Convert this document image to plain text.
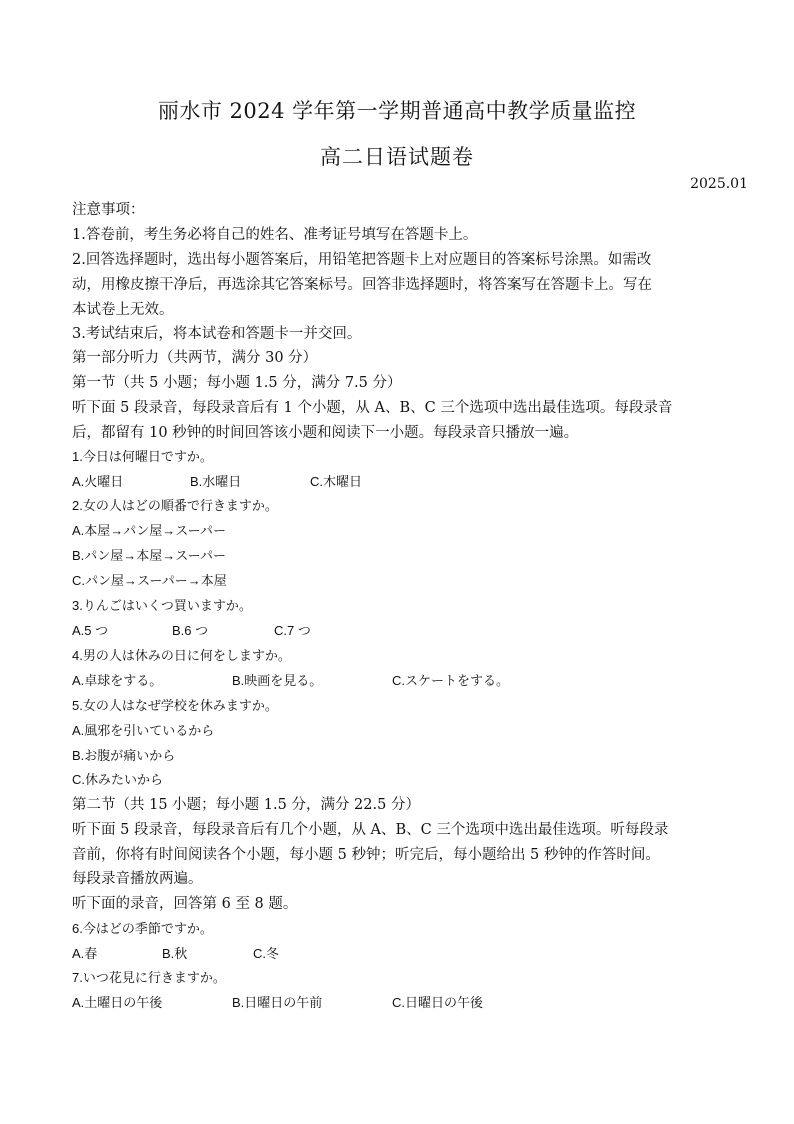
丽水市 2024 学年第一学期普通高中教学质量监控
高二日语试题卷
2025.01
注意事项：
1.答卷前，考生务必将自己的姓名、准考证号填写在答题卡上。
2.回答选择题时，选出每小题答案后，用铅笔把答题卡上对应题目的答案标号涂黑。如需改
动，用橡皮擦干净后，再选涂其它答案标号。回答非选择题时，将答案写在答题卡上。写在
本试卷上无效。
3.考试结束后，将本试卷和答题卡一并交回。
第一部分听力（共两节，满分 30 分）
第一节（共 5 小题；每小题 1.5 分，满分 7.5 分）
听下面 5 段录音，每段录音后有 1 个小题，从 A、B、C 三个选项中选出最佳选项。每段录音
后，都留有 10 秒钟的时间回答该小题和阅读下一小题。每段录音只播放一遍。
1.今日は何曜日ですか。
A.火曜日	B.水曜日	C.木曜日
2.女の人はどの順番で行きますか。
A.本屋→パン屋→スーパー
B.パン屋→本屋→スーパー
C.パン屋→スーパー→本屋
3.りんごはいくつ買いますか。
A.5 つ	B.6 つ	C.7 つ
4.男の人は休みの日に何をしますか。
A.卓球をする。	B.映画を見る。	C.スケートをする。
5.女の人はなぜ学校を休みますか。
A.風邪を引いているから
B.お腹が痛いから
C.休みたいから
第二节（共 15 小题；每小题 1.5 分，满分 22.5 分）
听下面 5 段录音，每段录音后有几个小题，从 A、B、C 三个选项中选出最佳选项。听每段录
音前，你将有时间阅读各个小题，每小题 5 秒钟；听完后，每小题给出 5 秒钟的作答时间。
每段录音播放两遍。
听下面的录音，回答第 6 至 8 题。
6.今はどの季節ですか。
A.春	B.秋	C.冬
7.いつ花見に行きますか。
A.土曜日の午後	B.日曜日の午前	C.日曜日の午後
